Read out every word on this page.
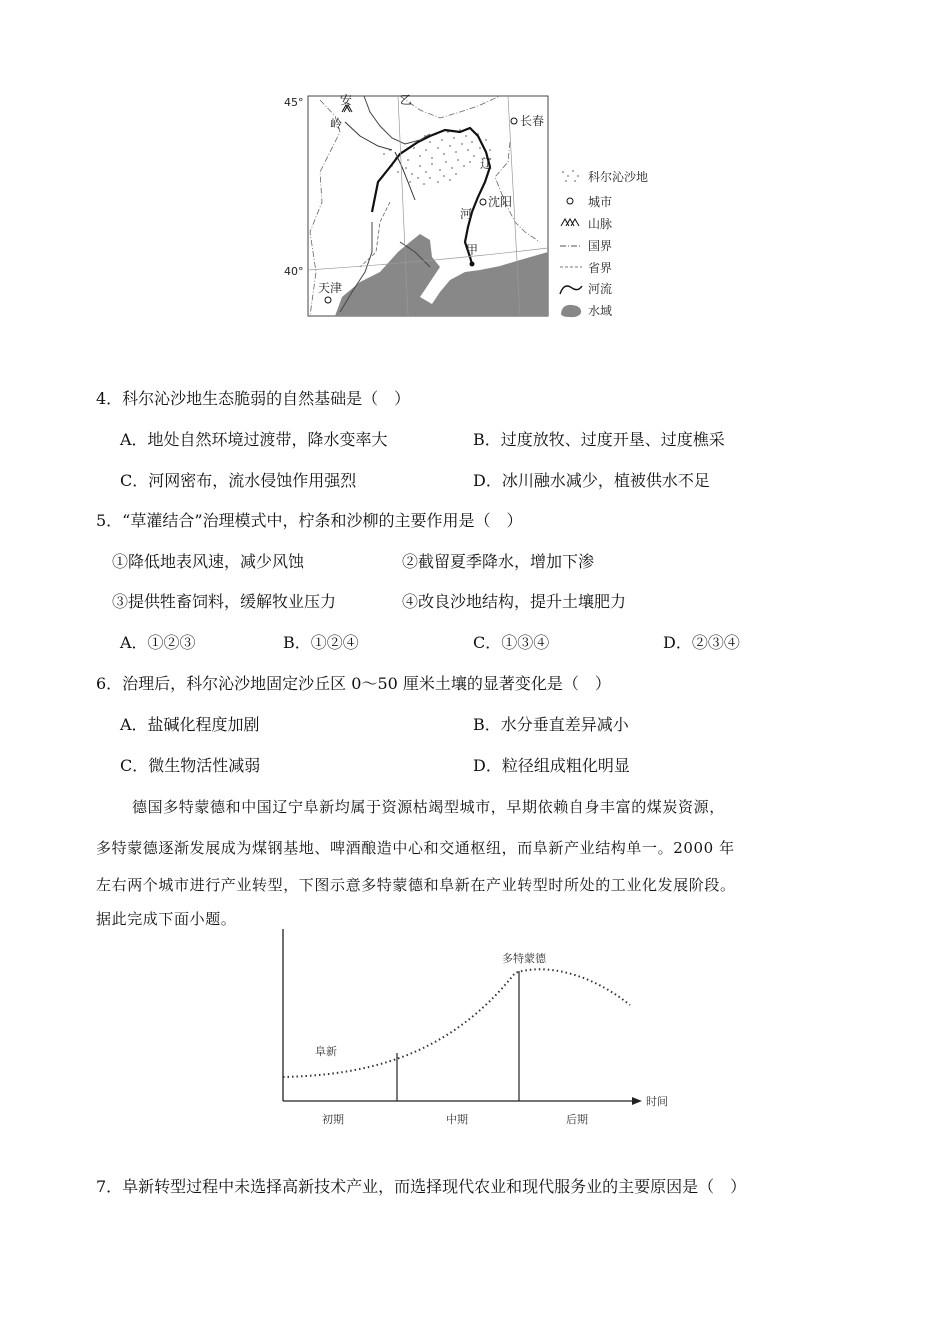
45°
40°
安
岭
乙
长春
辽
河
沈阳
甲
天津
科尔沁沙地
城市
山脉
国界
省界
河流
水域
4．科尔沁沙地生态脆弱的自然基础是（　）
A．地处自然环境过渡带，降水变率大	B．过度放牧、过度开垦、过度樵采
C．河网密布，流水侵蚀作用强烈	D．冰川融水减少，植被供水不足
5．“草灌结合”治理模式中，柠条和沙柳的主要作用是（　）
①降低地表风速，减少风蚀	②截留夏季降水，增加下渗
③提供牲畜饲料，缓解牧业压力	④改良沙地结构，提升土壤肥力
A．①②③	B．①②④	C．①③④	D．②③④
6．治理后，科尔沁沙地固定沙丘区 0～50 厘米土壤的显著变化是（　）
A．盐碱化程度加剧	B．水分垂直差异减小
C．微生物活性减弱	D．粒径组成粗化明显
德国多特蒙德和中国辽宁阜新均属于资源枯竭型城市，早期依赖自身丰富的煤炭资源，
多特蒙德逐渐发展成为煤钢基地、啤酒酿造中心和交通枢纽，而阜新产业结构单一。2000 年
左右两个城市进行产业转型，下图示意多特蒙德和阜新在产业转型时所处的工业化发展阶段。
据此完成下面小题。
阜新
多特蒙德
初期	中期	后期
时间
7．阜新转型过程中未选择高新技术产业，而选择现代农业和现代服务业的主要原因是（　）
